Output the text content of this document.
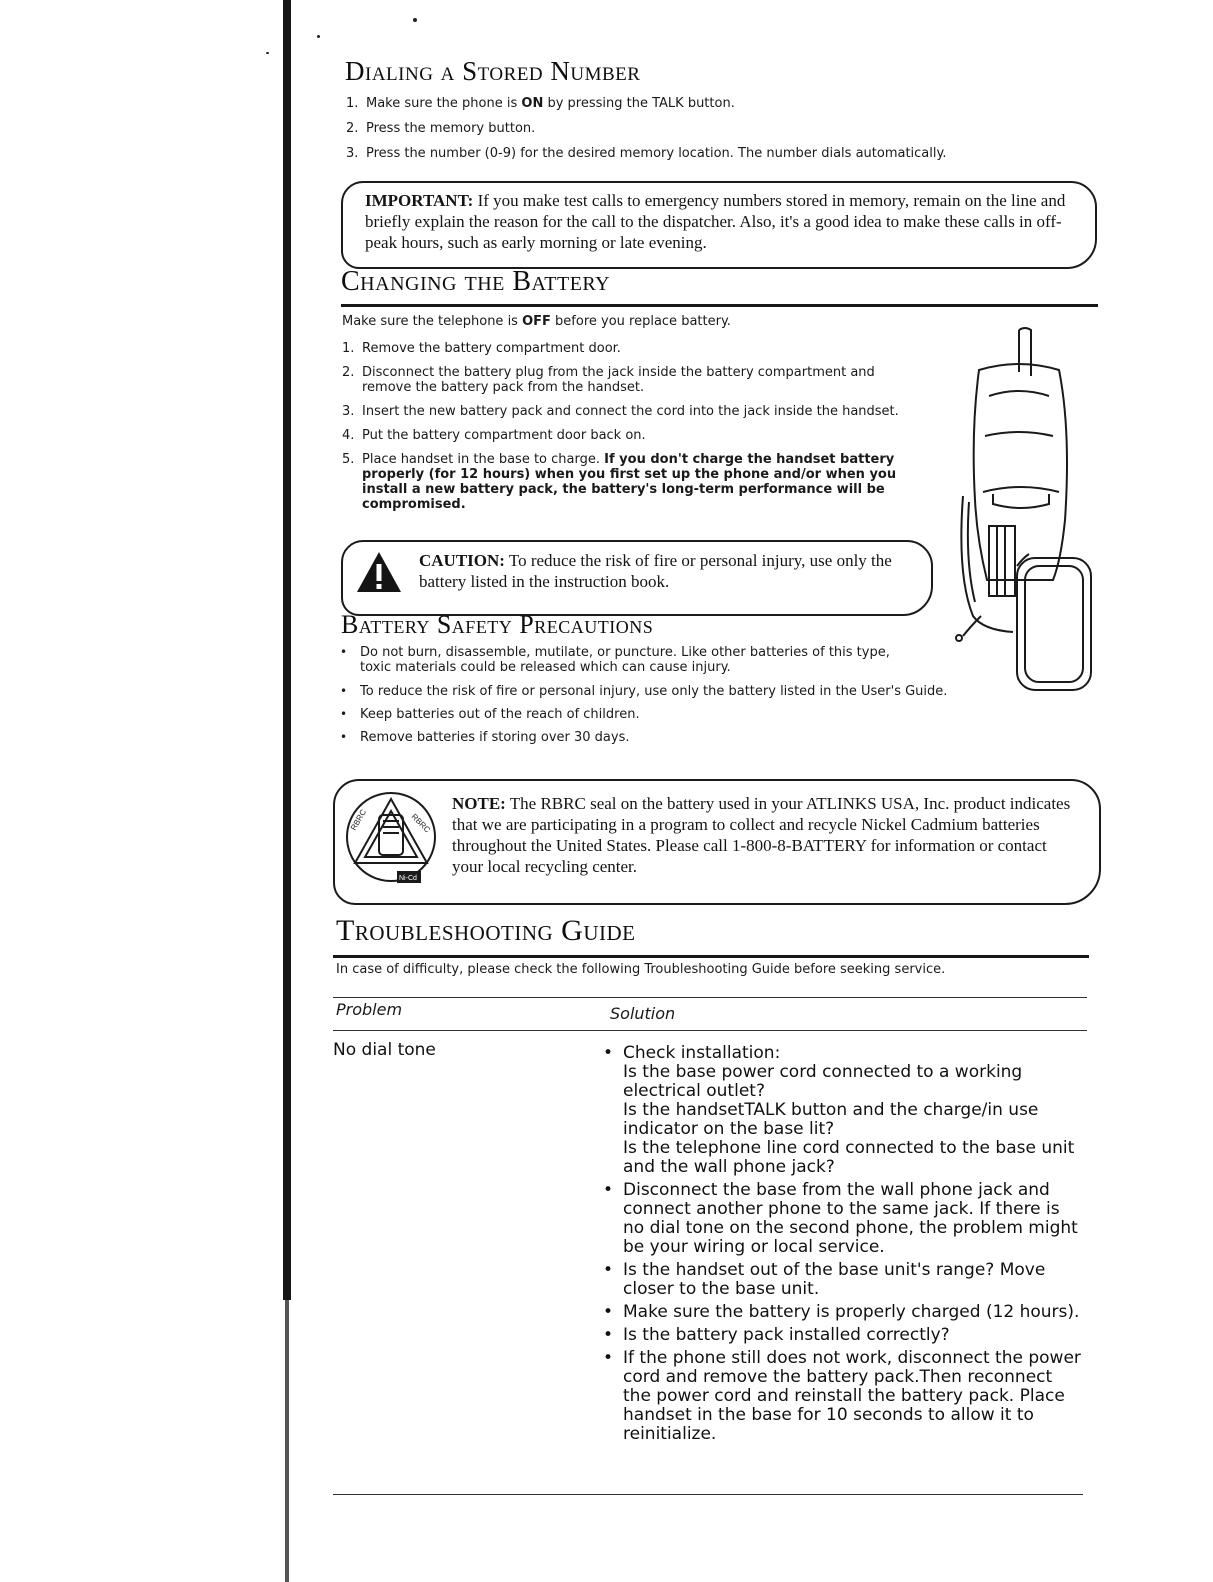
Dialing a Stored Number
1. Make sure the phone is ON by pressing the TALK button.
2. Press the memory button.
3. Press the number (0-9) for the desired memory location. The number dials automatically.

IMPORTANT: If you make test calls to emergency numbers stored in memory, remain on the line and briefly explain the reason for the call to the dispatcher. Also, it's a good idea to make these calls in off-peak hours, such as early morning or late evening.

Changing the Battery

Make sure the telephone is OFF before you replace battery.

1. Remove the battery compartment door.
2. Disconnect the battery plug from the jack inside the battery compartment and remove the battery pack from the handset.
3. Insert the new battery pack and connect the cord into the jack inside the handset.
4. Put the battery compartment door back on.
5. Place handset in the base to charge. If you don't charge the handset battery properly (for 12 hours) when you first set up the phone and/or when you install a new battery pack, the battery's long-term performance will be compromised.

CAUTION: To reduce the risk of fire or personal injury, use only the battery listed in the instruction book.

Battery Safety Precautions
• Do not burn, disassemble, mutilate, or puncture. Like other batteries of this type, toxic materials could be released which can cause injury.
• To reduce the risk of fire or personal injury, use only the battery listed in the User's Guide.
• Keep batteries out of the reach of children.
• Remove batteries if storing over 30 days.
RBRC
RBRC
Ni-Cd

NOTE: The RBRC seal on the battery used in your ATLINKS USA, Inc. product indicates that we are participating in a program to collect and recycle Nickel Cadmium batteries throughout the United States. Please call 1-800-8-BATTERY for information or contact your local recycling center.

Troubleshooting Guide

In case of difficulty, please check the following Troubleshooting Guide before seeking service.

Problem	Solution
No dial tone
•	Check installation:
Is the base power cord connected to a working electrical outlet?
Is the handsetTALK button and the charge/in use indicator on the base lit?
Is the telephone line cord connected to the base unit and the wall phone jack?
• Disconnect the base from the wall phone jack and connect another phone to the same jack. If there is no dial tone on the second phone, the problem might be your wiring or local service.
• Is the handset out of the base unit's range? Move closer to the base unit.
• Make sure the battery is properly charged (12 hours).
• Is the battery pack installed correctly?
• If the phone still does not work, disconnect the power cord and remove the battery pack.Then reconnect the power cord and reinstall the battery pack. Place handset in the base for 10 seconds to allow it to reinitialize.
